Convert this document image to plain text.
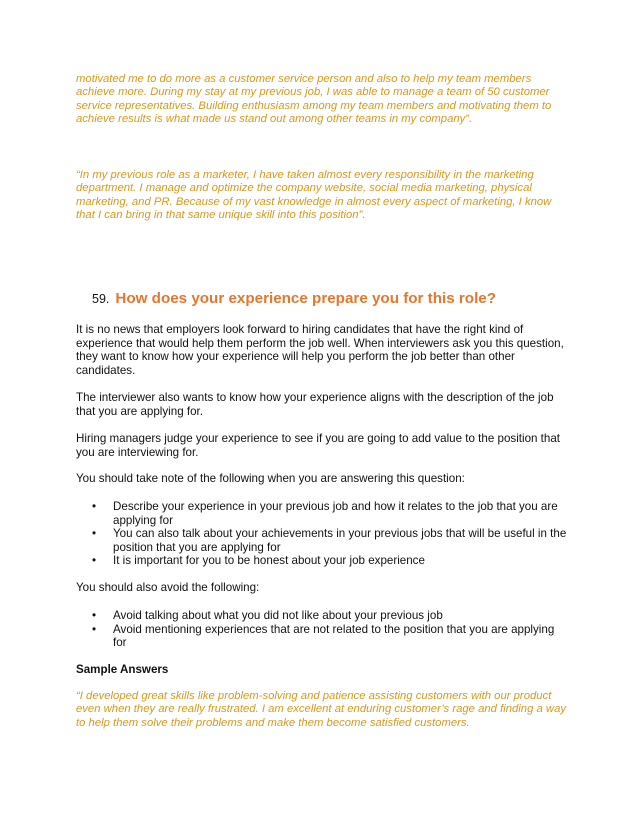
motivated me to do more as a customer service person and also to help my team members achieve more. During my stay at my previous job, I was able to manage a team of 50 customer service representatives. Building enthusiasm among my team members and motivating them to achieve results is what made us stand out among other teams in my company”.

“In my previous role as a marketer, I have taken almost every responsibility in the marketing department. I manage and optimize the company website, social media marketing, physical marketing, and PR. Because of my vast knowledge in almost every aspect of marketing, I know that I can bring in that same unique skill into this position”.

59. How does your experience prepare you for this role?

It is no news that employers look forward to hiring candidates that have the right kind of experience that would help them perform the job well. When interviewers ask you this question, they want to know how your experience will help you perform the job better than other candidates.

The interviewer also wants to know how your experience aligns with the description of the job that you are applying for.

Hiring managers judge your experience to see if you are going to add value to the position that you are interviewing for.

You should take note of the following when you are answering this question:

• Describe your experience in your previous job and how it relates to the job that you are applying for
• You can also talk about your achievements in your previous jobs that will be useful in the position that you are applying for
• It is important for you to be honest about your job experience

You should also avoid the following:

• Avoid talking about what you did not like about your previous job
• Avoid mentioning experiences that are not related to the position that you are applying for

Sample Answers

“I developed great skills like problem-solving and patience assisting customers with our product even when they are really frustrated. I am excellent at enduring customer’s rage and finding a way to help them solve their problems and make them become satisfied customers.
